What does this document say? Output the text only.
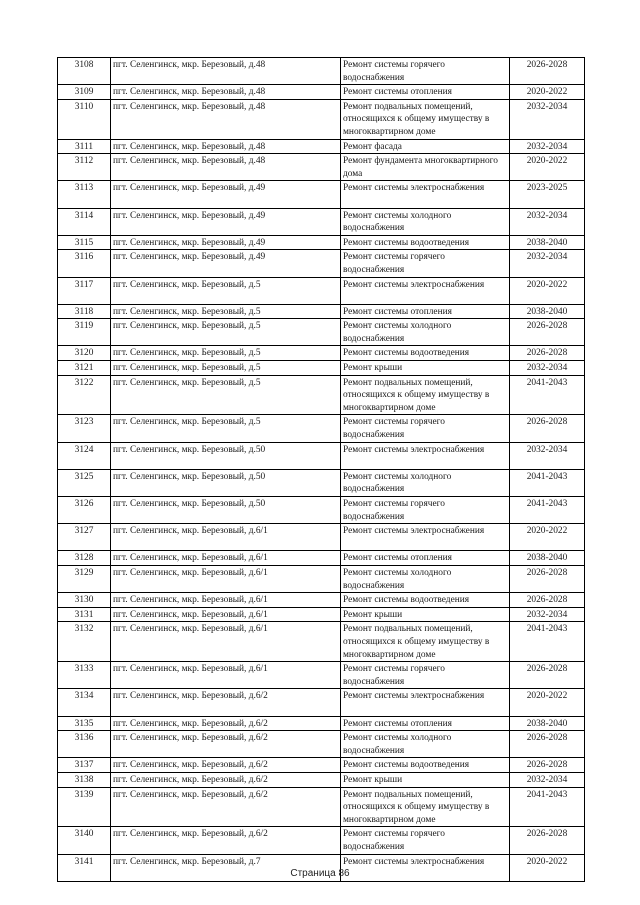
3108	пгт. Селенгинск, мкр. Березовый, д.48	Ремонт системы горячего водоснабжения	2026-2028
3109	пгт. Селенгинск, мкр. Березовый, д.48	Ремонт системы отопления	2020-2022
3110	пгт. Селенгинск, мкр. Березовый, д.48	Ремонт подвальных помещений, относящихся к общему имуществу в многоквартирном доме	2032-2034
3111	пгт. Селенгинск, мкр. Березовый, д.48	Ремонт фасада	2032-2034
3112	пгт. Селенгинск, мкр. Березовый, д.48	Ремонт фундамента многоквартирного дома	2020-2022
3113	пгт. Селенгинск, мкр. Березовый, д.49	Ремонт системы электроснабжения	2023-2025
3114	пгт. Селенгинск, мкр. Березовый, д.49	Ремонт системы холодного водоснабжения	2032-2034
3115	пгт. Селенгинск, мкр. Березовый, д.49	Ремонт системы водоотведения	2038-2040
3116	пгт. Селенгинск, мкр. Березовый, д.49	Ремонт системы горячего водоснабжения	2032-2034
3117	пгт. Селенгинск, мкр. Березовый, д.5	Ремонт системы электроснабжения	2020-2022
3118	пгт. Селенгинск, мкр. Березовый, д.5	Ремонт системы отопления	2038-2040
3119	пгт. Селенгинск, мкр. Березовый, д.5	Ремонт системы холодного водоснабжения	2026-2028
3120	пгт. Селенгинск, мкр. Березовый, д.5	Ремонт системы водоотведения	2026-2028
3121	пгт. Селенгинск, мкр. Березовый, д.5	Ремонт крыши	2032-2034
3122	пгт. Селенгинск, мкр. Березовый, д.5	Ремонт подвальных помещений, относящихся к общему имуществу в многоквартирном доме	2041-2043
3123	пгт. Селенгинск, мкр. Березовый, д.5	Ремонт системы горячего водоснабжения	2026-2028
3124	пгт. Селенгинск, мкр. Березовый, д.50	Ремонт системы электроснабжения	2032-2034
3125	пгт. Селенгинск, мкр. Березовый, д.50	Ремонт системы холодного водоснабжения	2041-2043
3126	пгт. Селенгинск, мкр. Березовый, д.50	Ремонт системы горячего водоснабжения	2041-2043
3127	пгт. Селенгинск, мкр. Березовый, д.6/1	Ремонт системы электроснабжения	2020-2022
3128	пгт. Селенгинск, мкр. Березовый, д.6/1	Ремонт системы отопления	2038-2040
3129	пгт. Селенгинск, мкр. Березовый, д.6/1	Ремонт системы холодного водоснабжения	2026-2028
3130	пгт. Селенгинск, мкр. Березовый, д.6/1	Ремонт системы водоотведения	2026-2028
3131	пгт. Селенгинск, мкр. Березовый, д.6/1	Ремонт крыши	2032-2034
3132	пгт. Селенгинск, мкр. Березовый, д.6/1	Ремонт подвальных помещений, относящихся к общему имуществу в многоквартирном доме	2041-2043
3133	пгт. Селенгинск, мкр. Березовый, д.6/1	Ремонт системы горячего водоснабжения	2026-2028
3134	пгт. Селенгинск, мкр. Березовый, д.6/2	Ремонт системы электроснабжения	2020-2022
3135	пгт. Селенгинск, мкр. Березовый, д.6/2	Ремонт системы отопления	2038-2040
3136	пгт. Селенгинск, мкр. Березовый, д.6/2	Ремонт системы холодного водоснабжения	2026-2028
3137	пгт. Селенгинск, мкр. Березовый, д.6/2	Ремонт системы водоотведения	2026-2028
3138	пгт. Селенгинск, мкр. Березовый, д.6/2	Ремонт крыши	2032-2034
3139	пгт. Селенгинск, мкр. Березовый, д.6/2	Ремонт подвальных помещений, относящихся к общему имуществу в многоквартирном доме	2041-2043
3140	пгт. Селенгинск, мкр. Березовый, д.6/2	Ремонт системы горячего водоснабжения	2026-2028
3141	пгт. Селенгинск, мкр. Березовый, д.7	Ремонт системы электроснабжения	2020-2022
Страница 86
